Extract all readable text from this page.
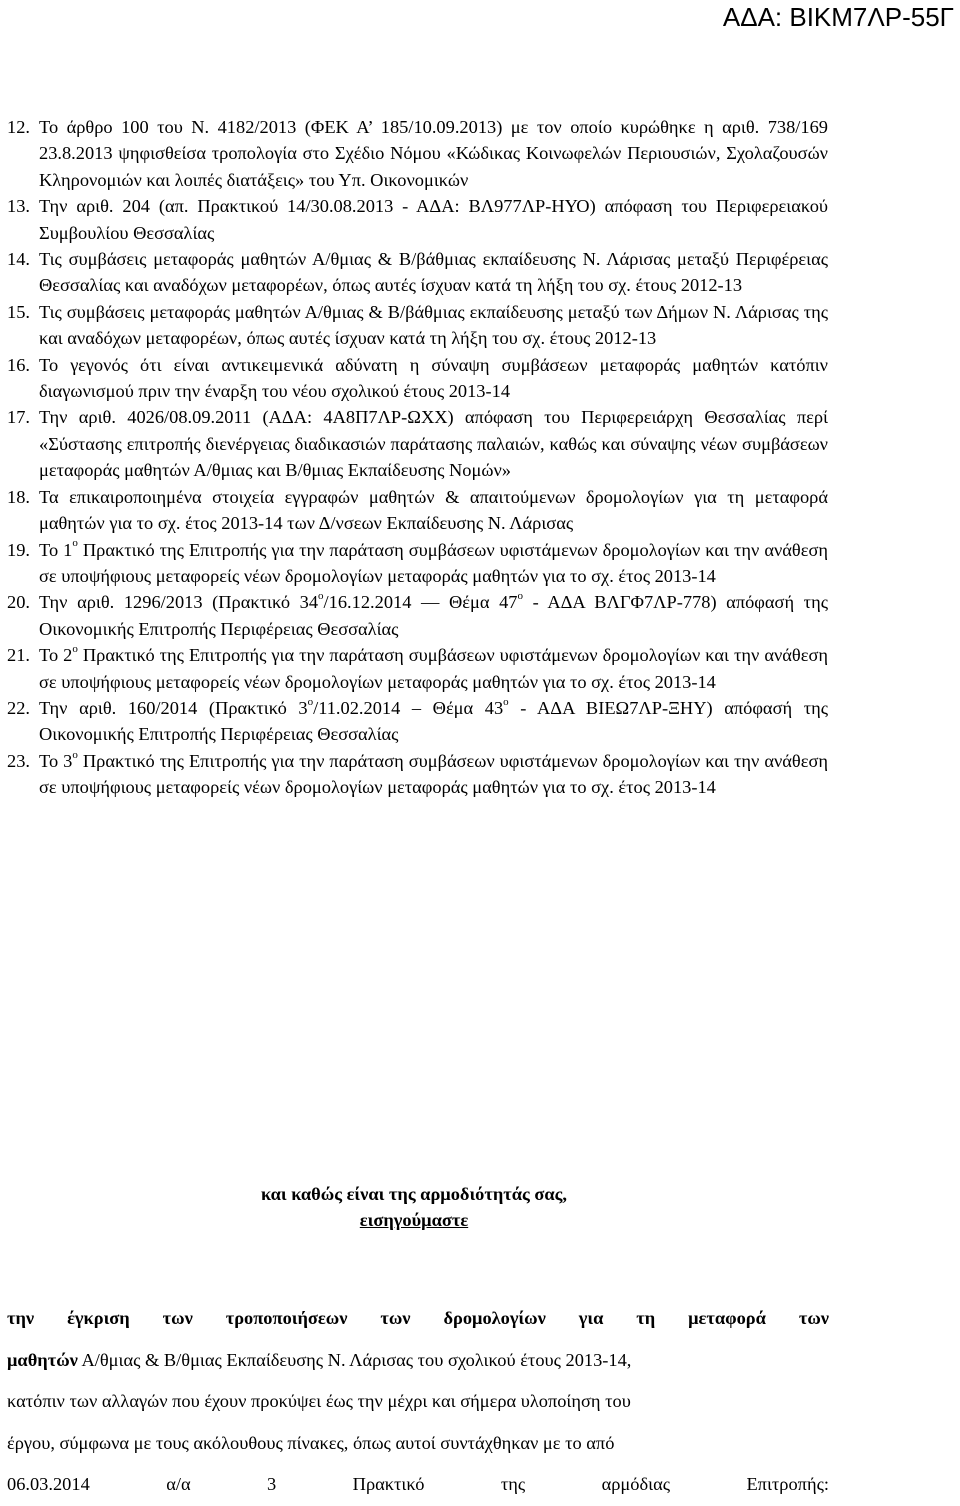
ΑΔΑ: ΒΙΚΜ7ΛΡ-55Γ
12. Το άρθρο 100 του Ν. 4182/2013 (ΦΕΚ Α’ 185/10.09.2013) με τον οποίο κυρώθηκε η αριθ. 738/169 23.8.2013 ψηφισθείσα τροπολογία στο Σχέδιο Νόμου «Κώδικας Κοινωφελών Περιουσιών, Σχολαζουσών Κληρονομιών και λοιπές διατάξεις» του Υπ. Οικονομικών
13. Την αριθ. 204 (απ. Πρακτικού 14/30.08.2013 - ΑΔΑ: ΒΛ977ΛΡ-ΗΥΟ) απόφαση του Περιφερειακού Συμβουλίου Θεσσαλίας
14. Τις συμβάσεις μεταφοράς μαθητών Α/θμιας & Β/βάθμιας εκπαίδευσης Ν. Λάρισας μεταξύ Περιφέρειας Θεσσαλίας και αναδόχων μεταφορέων, όπως αυτές ίσχυαν κατά τη λήξη του σχ. έτους 2012-13
15. Τις συμβάσεις μεταφοράς μαθητών Α/θμιας & Β/βάθμιας εκπαίδευσης μεταξύ των Δήμων Ν. Λάρισας της και αναδόχων μεταφορέων, όπως αυτές ίσχυαν κατά τη λήξη του σχ. έτους 2012-13
16. Το γεγονός ότι είναι αντικειμενικά αδύνατη η σύναψη συμβάσεων μεταφοράς μαθητών κατόπιν διαγωνισμού πριν την έναρξη του νέου σχολικού έτους 2013-14
17. Την αριθ. 4026/08.09.2011 (ΑΔΑ: 4Α8Π7ΛΡ-ΩΧΧ) απόφαση του Περιφερειάρχη Θεσσαλίας περί «Σύστασης επιτροπής διενέργειας διαδικασιών παράτασης παλαιών, καθώς και σύναψης νέων συμβάσεων μεταφοράς μαθητών Α/θμιας και Β/θμιας Εκπαίδευσης Νομών»
18. Τα επικαιροποιημένα στοιχεία εγγραφών μαθητών & απαιτούμενων δρομολογίων για τη μεταφορά μαθητών για το σχ. έτος 2013-14 των Δ/νσεων Εκπαίδευσης Ν. Λάρισας
19. Το $1^o$ Πρακτικό της Επιτροπής για την παράταση συμβάσεων υφιστάμενων δρομολογίων και την ανάθεση σε υποψήφιους μεταφορείς νέων δρομολογίων μεταφοράς μαθητών για το σχ. έτος 2013-14
20. Την αριθ. 1296/2013 (Πρακτικό $34^o/16.12.2014$ — Θέμα $47^o$ - ΑΔΑ ΒΛΓΦ7ΛΡ-778) απόφασή της Οικονομικής Επιτροπής Περιφέρειας Θεσσαλίας
21. Το $2^o$ Πρακτικό της Επιτροπής για την παράταση συμβάσεων υφιστάμενων δρομολογίων και την ανάθεση σε υποψήφιους μεταφορείς νέων δρομολογίων μεταφοράς μαθητών για το σχ. έτος 2013-14
22. Την αριθ. 160/2014 (Πρακτικό $3^o/11.02.2014$ – Θέμα $43^o$ - ΑΔΑ ΒΙΕΩ7ΛΡ-ΞΗΥ) απόφασή της Οικονομικής Επιτροπής Περιφέρειας Θεσσαλίας
23. Το $3^o$ Πρακτικό της Επιτροπής για την παράταση συμβάσεων υφιστάμενων δρομολογίων και την ανάθεση σε υποψήφιους μεταφορείς νέων δρομολογίων μεταφοράς μαθητών για το σχ. έτος 2013-14
και καθώς είναι της αρμοδιότητάς σας,
εισηγούμαστε
την έγκριση των τροποποιήσεων των δρομολογίων για τη μεταφορά των
μαθητών Α/θμιας & Β/θμιας Εκπαίδευσης Ν. Λάρισας του σχολικού έτους 2013-14,
κατόπιν των αλλαγών που έχουν προκύψει έως την μέχρι και σήμερα υλοποίηση του
έργου, σύμφωνα με τους ακόλουθους πίνακες, όπως αυτοί συντάχθηκαν με το από
06.03.2014	α/α	3	Πρακτικό	της	αρμόδιας	Επιτροπής:
